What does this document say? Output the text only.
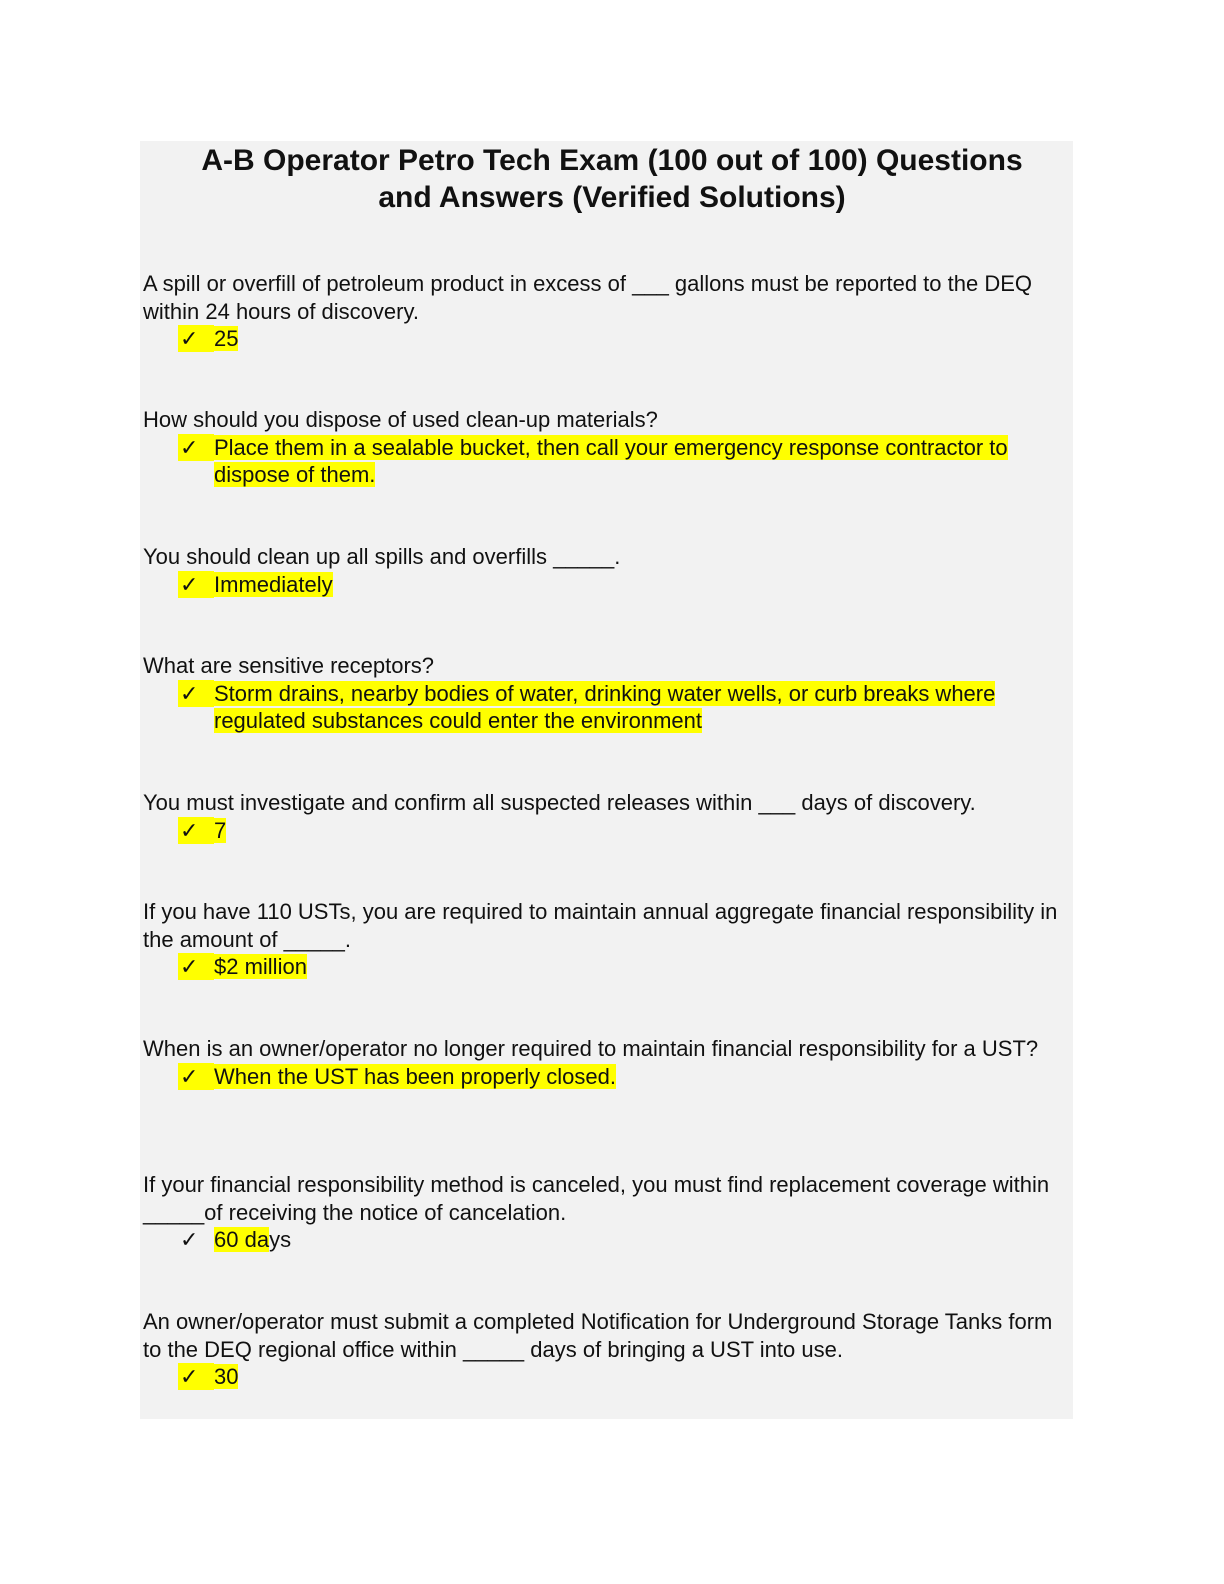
A-B Operator Petro Tech Exam (100 out of 100) Questions
and Answers (Verified Solutions)

A spill or overfill of petroleum product in excess of ___ gallons must be reported to the DEQ within 24 hours of discovery.

✓ 25

How should you dispose of used clean-up materials?

✓ Place them in a sealable bucket, then call your emergency response contractor to dispose of them.

You should clean up all spills and overfills _____.

✓ Immediately

What are sensitive receptors?

✓ Storm drains, nearby bodies of water, drinking water wells, or curb breaks where regulated substances could enter the environment

You must investigate and confirm all suspected releases within ___ days of discovery.

✓ 7

If you have 110 USTs, you are required to maintain annual aggregate financial responsibility in the amount of _____.

✓ $2 million

When is an owner/operator no longer required to maintain financial responsibility for a UST?

✓ When the UST has been properly closed.

If your financial responsibility method is canceled, you must find replacement coverage within _____of receiving the notice of cancelation.

✓ 60 days

An owner/operator must submit a completed Notification for Underground Storage Tanks form to the DEQ regional office within _____ days of bringing a UST into use.

✓ 30
